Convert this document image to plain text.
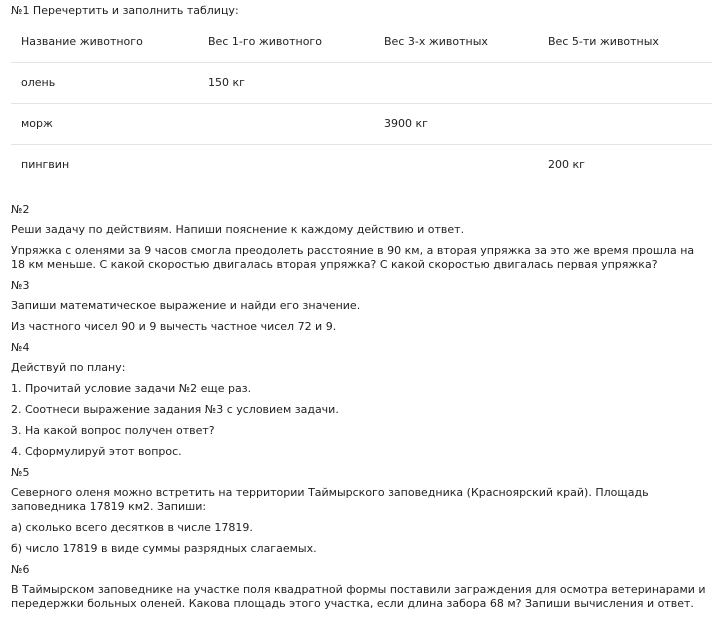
№1 Перечертить и заполнить таблицу:

Название животного	Вес 1-го животного	Вес 3-х животных	Вес 5-ти животных
олень	150 кг		
морж		3900 кг	
пингвин			200 кг

№2

Реши задачу по действиям. Напиши пояснение к каждому действию и ответ.

Упряжка с оленями за 9 часов смогла преодолеть расстояние в 90 км, а вторая упряжка за это же время прошла на 18 км меньше. С какой скоростью двигалась вторая упряжка? С какой скоростью двигалась первая упряжка?

№3

Запиши математическое выражение и найди его значение.

Из частного чисел 90 и 9 вычесть частное чисел 72 и 9.

№4

Действуй по плану:

1. Прочитай условие задачи №2 еще раз.

2. Соотнеси выражение задания №3 с условием задачи.

3. На какой вопрос получен ответ?

4. Сформулируй этот вопрос.

№5

Северного оленя можно встретить на территории Таймырского заповедника (Красноярский край). Площадь заповедника 17819 км2. Запиши:

а) сколько всего десятков в числе 17819.

б) число 17819 в виде суммы разрядных слагаемых.

№6

В Таймырском заповеднике на участке поля квадратной формы поставили заграждения для осмотра ветеринарами и передержки больных оленей. Какова площадь этого участка, если длина забора 68 м? Запиши вычисления и ответ.
